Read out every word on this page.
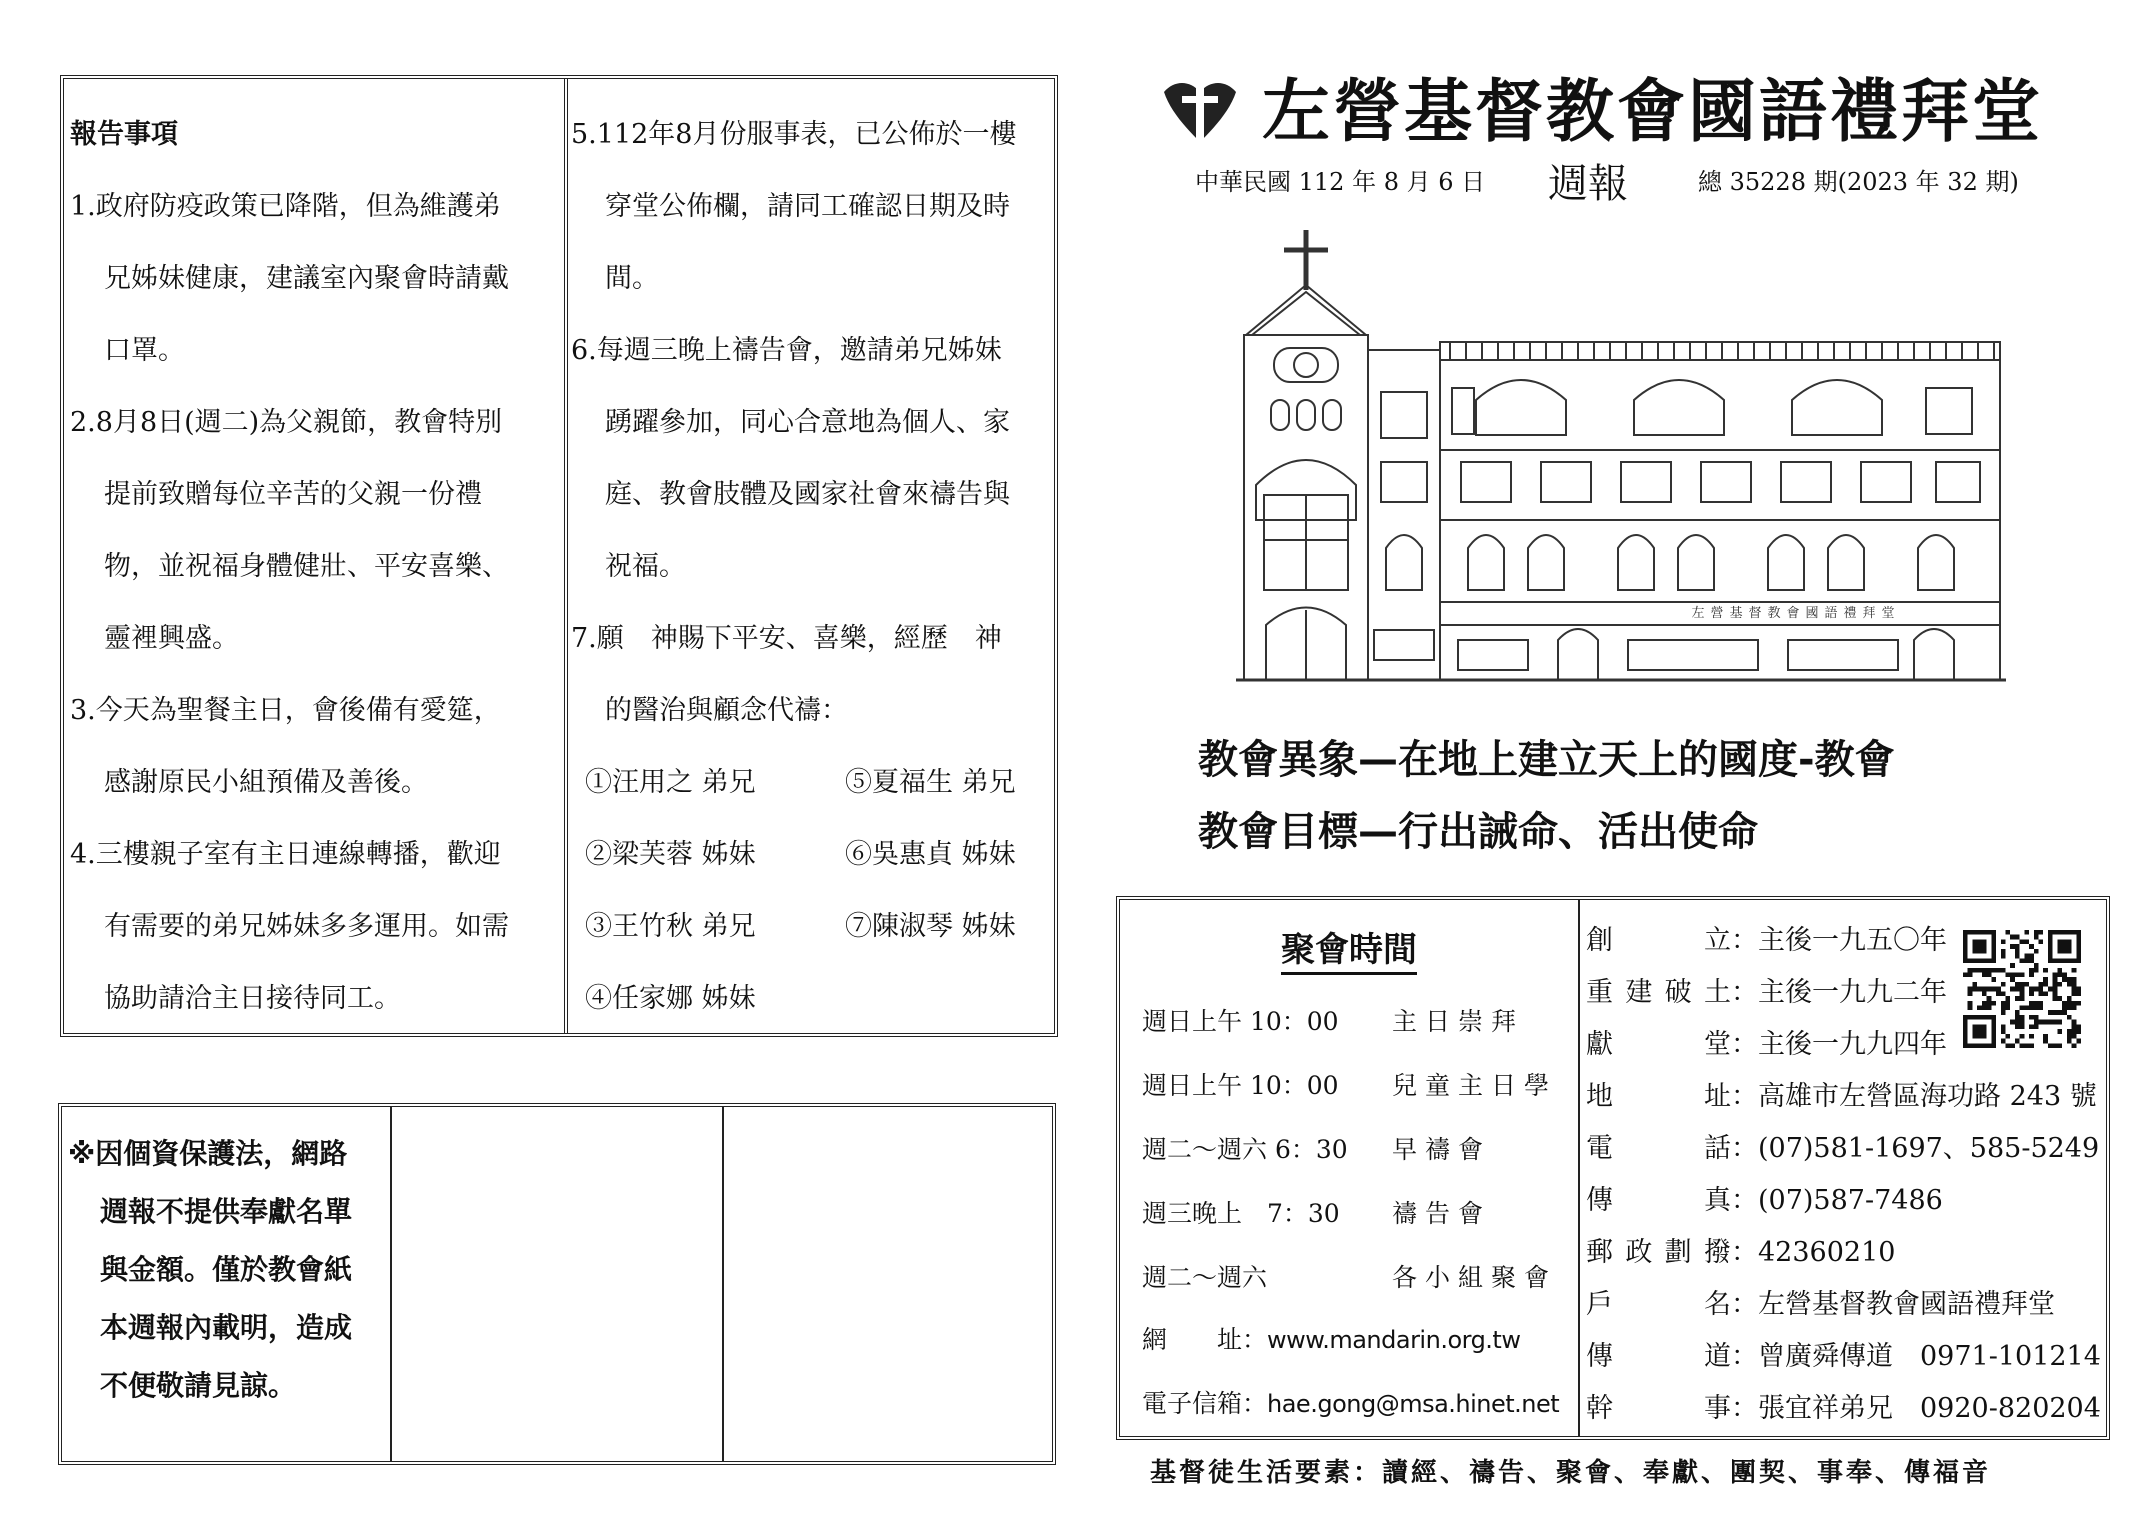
報告事項
1.政府防疫政策已降階，但為維護弟
兄姊妹健康，建議室內聚會時請戴
口罩。
2.8月8日(週二)為父親節，教會特別
提前致贈每位辛苦的父親一份禮
物，並祝福身體健壯、平安喜樂、
靈裡興盛。
3.今天為聖餐主日，會後備有愛筵，
感謝原民小組預備及善後。
4.三樓親子室有主日連線轉播，歡迎
有需要的弟兄姊妹多多運用。如需
協助請洽主日接待同工。
5.112年8月份服事表，已公佈於一樓
穿堂公佈欄，請同工確認日期及時
間。
6.每週三晚上禱告會，邀請弟兄姊妹
踴躍參加，同心合意地為個人、家
庭、教會肢體及國家社會來禱告與
祝福。
7.願　神賜下平安、喜樂，經歷　神
的醫治與顧念代禱：
①汪用之 弟兄	⑤夏福生 弟兄
②梁芙蓉 姊妹	⑥吳惠貞 姊妹
③王竹秋 弟兄	⑦陳淑琴 姊妹
④任家娜 姊妹
※因個資保護法，網路
週報不提供奉獻名單
與金額。僅於教會紙
本週報內載明，造成
不便敬請見諒。
左營基督教會國語禮拜堂
中華民國 112 年 8 月 6 日 週報	總 35228 期(2023 年 32 期)
左營基督教會國語禮拜堂
教會異象—在地上建立天上的國度-教會
教會目標—行出誡命、活出使命
聚會時間
週日上午 10：00 主日崇拜
週日上午 10：00 兒童主日學
週二～週六 6：30 早禱會
週三晚上　7：30 禱告會
週二～週六	各小組聚會
網　　址：www.mandarin.org.tw
電子信箱：hae.gong@msa.hinet.net
創立：主後一九五〇年
重建破土：主後一九九二年
獻堂：主後一九九四年
地址：高雄市左營區海功路 243 號
電話：(07)581-1697、585-5249
傳真：(07)587-7486
郵政劃撥：42360210
戶名：左營基督教會國語禮拜堂
傳道：曾廣舜傳道　0971-101214
幹事：張宜祥弟兄　0920-820204
基督徒生活要素：讀經、禱告、聚會、奉獻、團契、事奉、傳福音
